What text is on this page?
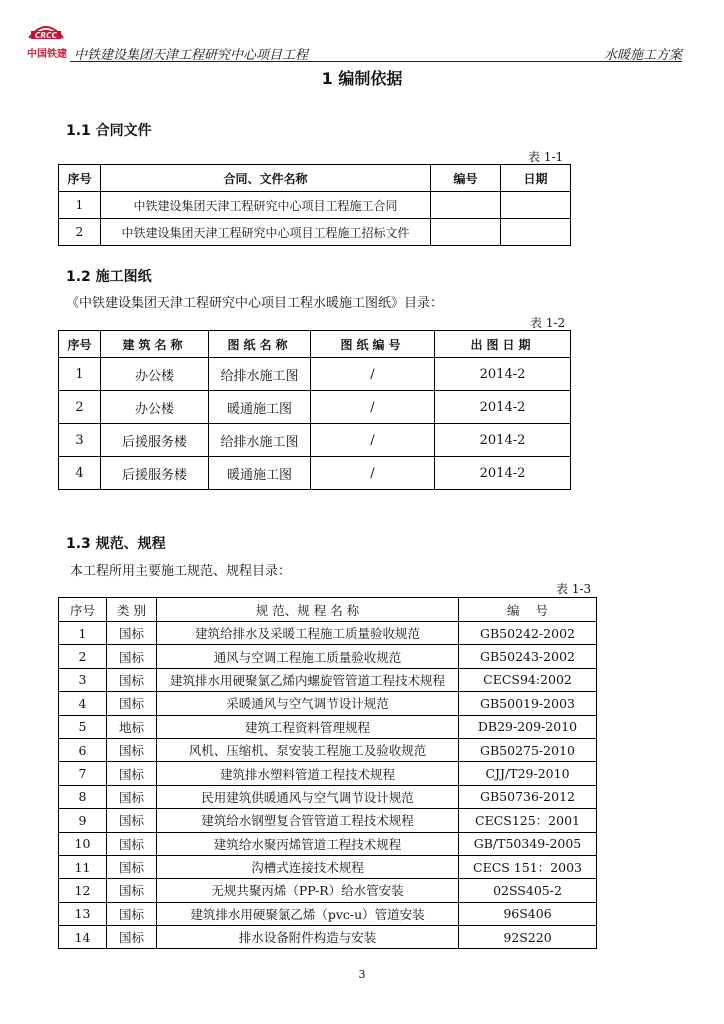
CRCC
中国铁建 中铁建设集团天津工程研究中心项目工程	水暖施工方案
1 编制依据
1.1 合同文件
表 1-1
序号	合同、文件名称	编号	日期
1	中铁建设集团天津工程研究中心项目工程施工合同		
2	中铁建设集团天津工程研究中心项目工程施工招标文件		
1.2 施工图纸
《中铁建设集团天津工程研究中心项目工程水暖施工图纸》目录：
表 1-2
序号	建筑名称	图纸名称	图纸编号	出图日期
1	办公楼	给排水施工图	/	2014-2
2	办公楼	暖通施工图	/	2014-2
3	后援服务楼	给排水施工图	/	2014-2
4	后援服务楼	暖通施工图	/	2014-2
1.3 规范、规程
本工程所用主要施工规范、规程目录：
表 1-3
序号	类 别	规 范、规 程 名 称	编    号
1	国标	建筑给排水及采暖工程施工质量验收规范	GB50242-2002
2	国标	通风与空调工程施工质量验收规范	GB50243-2002
3	国标	建筑排水用硬聚氯乙烯内螺旋管管道工程技术规程	CECS94:2002
4	国标	采暖通风与空气调节设计规范	GB50019-2003
5	地标	建筑工程资料管理规程	DB29-209-2010
6	国标	风机、压缩机、泵安装工程施工及验收规范	GB50275-2010
7	国标	建筑排水塑料管道工程技术规程	CJJ/T29-2010
8	国标	民用建筑供暖通风与空气调节设计规范	GB50736-2012
9	国标	建筑给水钢塑复合管管道工程技术规程	CECS125：2001
10	国标	建筑给水聚丙烯管道工程技术规程	GB/T50349-2005
11	国标	沟槽式连接技术规程	CECS 151：2003
12	国标	无规共聚丙烯（PP-R）给水管安装	02SS405-2
13	国标	建筑排水用硬聚氯乙烯（pvc-u）管道安装	96S406
14	国标	排水设备附件构造与安装	92S220
3
